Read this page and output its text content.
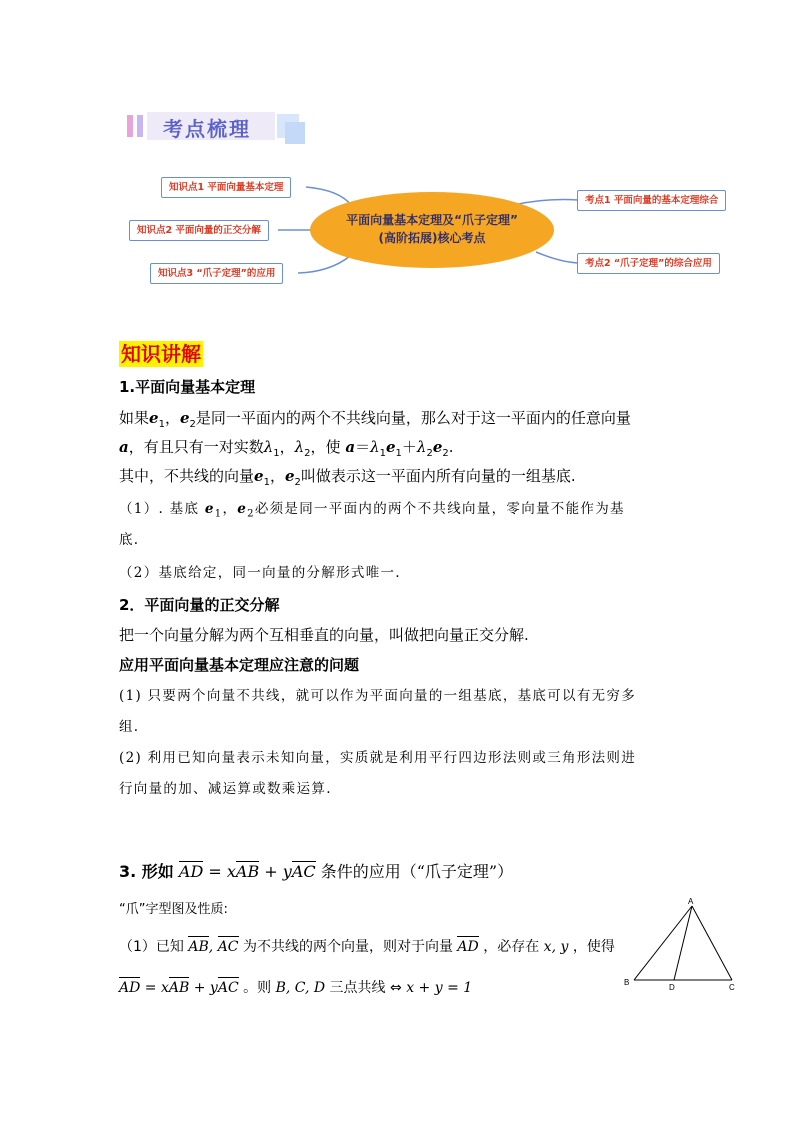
考点梳理
知识点1 平面向量基本定理
知识点2 平面向量的正交分解
知识点3 “爪子定理”的应用
考点1 平面向量的基本定理综合
考点2 “爪子定理”的综合应用
平面向量基本定理及“爪子定理”
(高阶拓展)核心考点
知识讲解
1.平面向量基本定理
如果$e_1$，$e_2$是同一平面内的两个不共线向量，那么对于这一平面内的任意向量
a，有且只有一对实数$\lambda_1$，$\lambda_2$，使 $a=\lambda_1e_1+\lambda_2e_2$.
其中，不共线的向量$e_1$，$e_2$叫做表示这一平面内所有向量的一组基底.
（1）. 基底 $e_1$，$e_2$必须是同一平面内的两个不共线向量，零向量不能作为基
底.
（2）基底给定，同一向量的分解形式唯一.
2．平面向量的正交分解
把一个向量分解为两个互相垂直的向量，叫做把向量正交分解.
应用平面向量基本定理应注意的问题
(1) 只要两个向量不共线，就可以作为平面向量的一组基底，基底可以有无穷多
组.
(2) 利用已知向量表示未知向量，实质就是利用平行四边形法则或三角形法则进
行向量的加、减运算或数乘运算.
3. 形如 AD = xAB + yAC 条件的应用（“爪子定理”）
“爪”字型图及性质:
（1）已知 AB, AC 为不共线的两个向量，则对于向量 AD ，必存在 x, y ，使得
AD = xAB + yAC 。则 B, C, D 三点共线 ⇔ x + y = 1
A
B
D	C
